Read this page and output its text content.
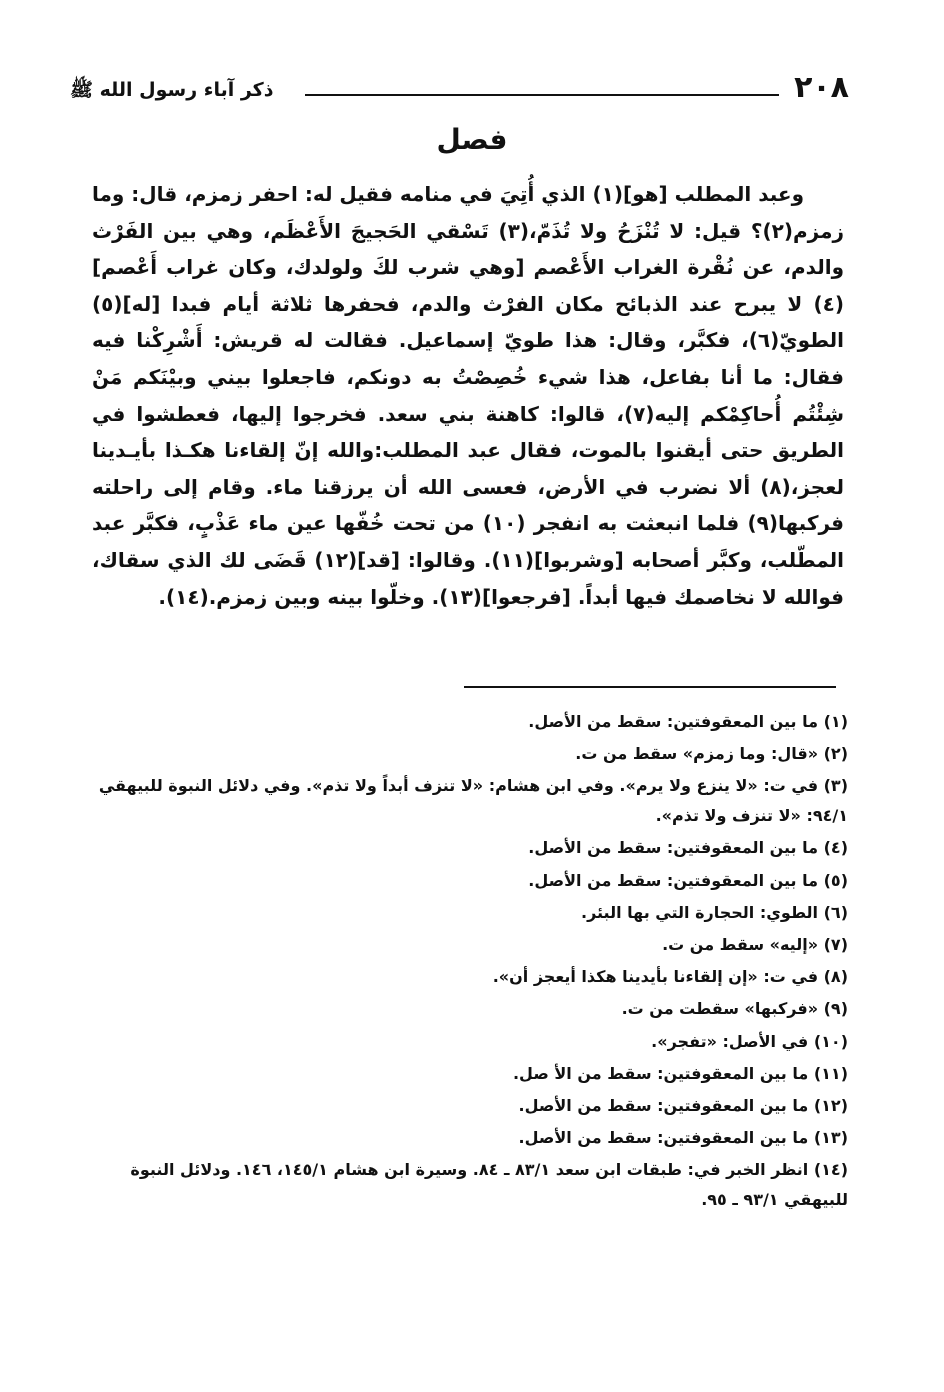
٢٠٨
ذكر آباء رسول الله ﷺ
فصل

وعبد المطلب [هو](١) الذي أُتِيَ في منامه فقيل له: احفر زمزم، قال: وما زمزم(٢)؟ قيل: لا تُنْزَحُ ولا تُذَمّ،(٣) تَسْقي الحَجيجَ الأَعْظَم، وهي بين الفَرْث والدم، عن نُقْرة الغراب الأَعْصم [وهي شرب لكَ ولولدك، وكان غراب أَعْصم](٤) لا يبرح عند الذبائح مكان الفرْث والدم، فحفرها ثلاثة أيام فبدا [له](٥) الطويّ(٦)، فكبَّر، وقال: هذا طويّ إسماعيل. فقالت له قريش: أَشْرِكْنا فيه فقال: ما أنا بفاعل، هذا شيء خُصِصْتُ به دونكم، فاجعلوا بيني وبيْنَكم مَنْ شِئْتُم أُحاكِمْكم إليه(٧)، قالوا: كاهنة بني سعد. فخرجوا إليها، فعطشوا في الطريق حتى أيقنوا بالموت، فقال عبد المطلب:والله إنّ إلقاءنا هكـذا بأيـدينا لعجز،(٨) ألا نضرب في الأرض، فعسى الله أن يرزقنا ماء. وقام إلى راحلته فركبها(٩) فلما انبعثت به انفجر (١٠) من تحت خُفّها عين ماء عَذْبٍ، فكبَّر عبد المطّلب، وكبَّر أصحابه [وشربوا](١١). وقالوا: [قد](١٢) قَضَى لك الذي سقاك، فوالله لا نخاصمك فيها أبداً. [فرجعوا](١٣). وخلّوا بينه وبين زمزم.(١٤).

(١) ما بين المعقوفتين: سقط من الأصل.

(٢) «قال: وما زمزم» سقط من ت.

(٣) في ت: «لا ينزع ولا يرم». وفي ابن هشام: «لا تنزف أبداً ولا تذم». وفي دلائل النبوة للبيهقي ٩٤/١: «لا تنزف ولا تذم».

(٤) ما بين المعقوفتين: سقط من الأصل.

(٥) ما بين المعقوفتين: سقط من الأصل.

(٦) الطوي: الحجارة التي بها البئر.

(٧) «إليه» سقط من ت.

(٨) في ت: «إن إلقاءنا بأيدينا هكذا أيعجز أن».

(٩) «فركبها» سقطت من ت.

(١٠) في الأصل: «تفجر».

(١١) ما بين المعقوفتين: سقط من الأ صل.

(١٢) ما بين المعقوفتين: سقط من الأصل.

(١٣) ما بين المعقوفتين: سقط من الأصل.

(١٤) انظر الخبر في: طبقات ابن سعد ٨٣/١ ـ ٨٤. وسيرة ابن هشام ١٤٥/١، ١٤٦. ودلائل النبوة للبيهقي ٩٣/١ ـ ٩٥.
